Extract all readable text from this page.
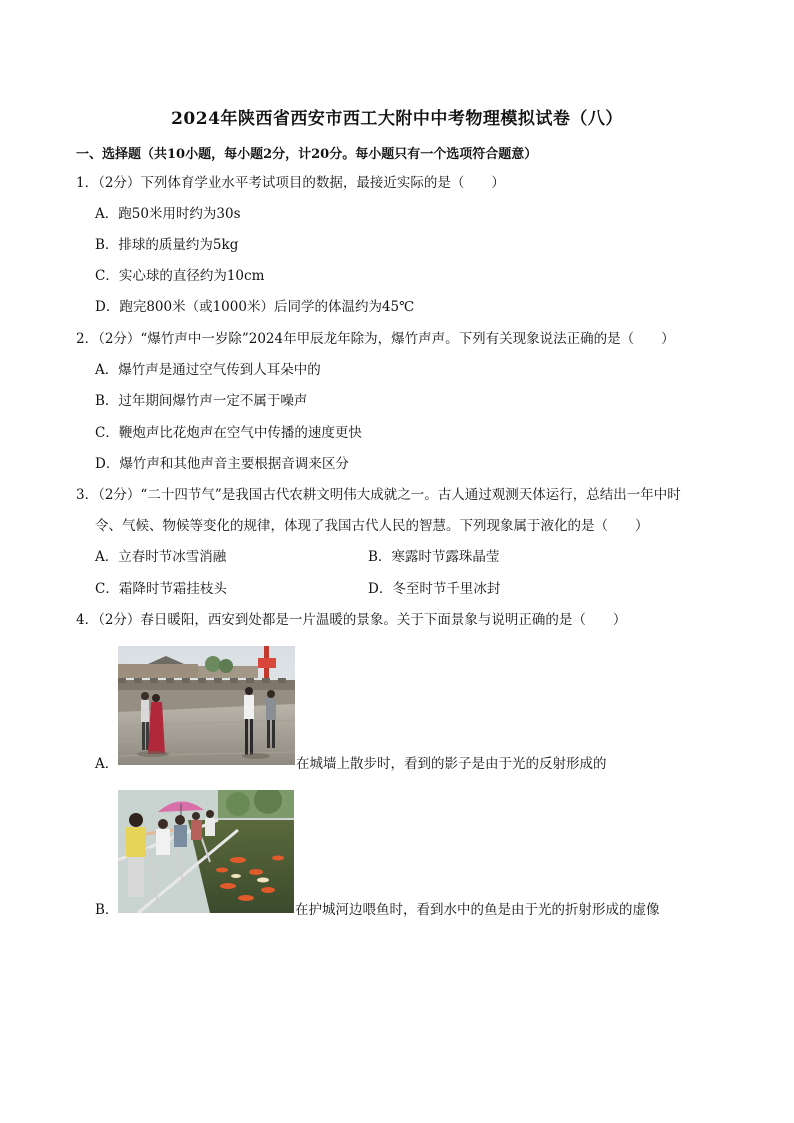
2024年陕西省西安市西工大附中中考物理模拟试卷（八）
一、选择题（共10小题，每小题2分，计20分。每小题只有一个选项符合题意）
1．（2分）下列体育学业水平考试项目的数据，最接近实际的是（　　）
A．跑50米用时约为30s
B．排球的质量约为5kg
C．实心球的直径约为10cm
D．跑完800米（或1000米）后同学的体温约为45℃
2．（2分）“爆竹声中一岁除”2024年甲辰龙年除为，爆竹声声。下列有关现象说法正确的是（　　）
A．爆竹声是通过空气传到人耳朵中的
B．过年期间爆竹声一定不属于噪声
C．鞭炮声比花炮声在空气中传播的速度更快
D．爆竹声和其他声音主要根据音调来区分
3．（2分）“二十四节气”是我国古代农耕文明伟大成就之一。古人通过观测天体运行，总结出一年中时
令、气候、物候等变化的规律，体现了我国古代人民的智慧。下列现象属于液化的是（　　）
A．立春时节冰雪消融	B．寒露时节露珠晶莹
C．霜降时节霜挂枝头	D．冬至时节千里冰封
4．（2分）春日暖阳，西安到处都是一片温暖的景象。关于下面景象与说明正确的是（　　）
A．	在城墙上散步时，看到的影子是由于光的反射形成的
B．	在护城河边喂鱼时，看到水中的鱼是由于光的折射形成的虚像
